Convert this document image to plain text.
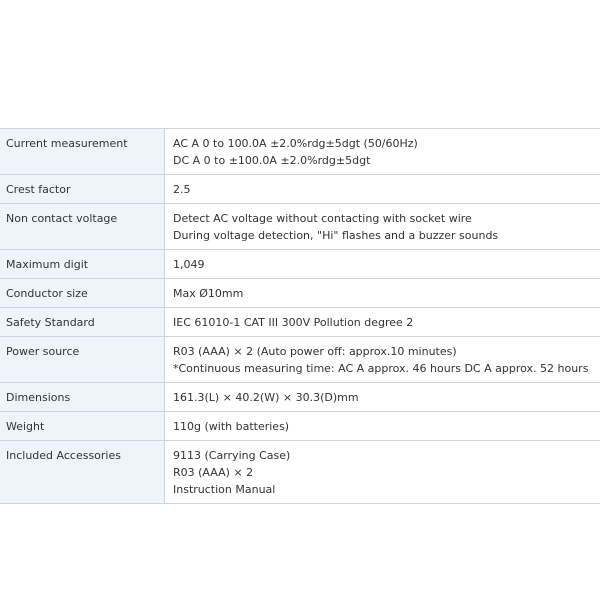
Current measurement	AC A 0 to 100.0A ±2.0%rdg±5dgt (50/60Hz)
DC A 0 to ±100.0A ±2.0%rdg±5dgt

Crest factor	2.5

Non contact voltage	Detect AC voltage without contacting with socket wire
During voltage detection, "Hi" flashes and a buzzer sounds

Maximum digit	1,049

Conductor size	Max Ø10mm

Safety Standard	IEC 61010-1 CAT III 300V Pollution degree 2

Power source	R03 (AAA) × 2 (Auto power off: approx.10 minutes)
*Continuous measuring time: AC A approx. 46 hours DC A approx. 52 hours

Dimensions	161.3(L) × 40.2(W) × 30.3(D)mm

Weight	110g (with batteries)

Included Accessories	9113 (Carrying Case)
R03 (AAA) × 2
Instruction Manual
